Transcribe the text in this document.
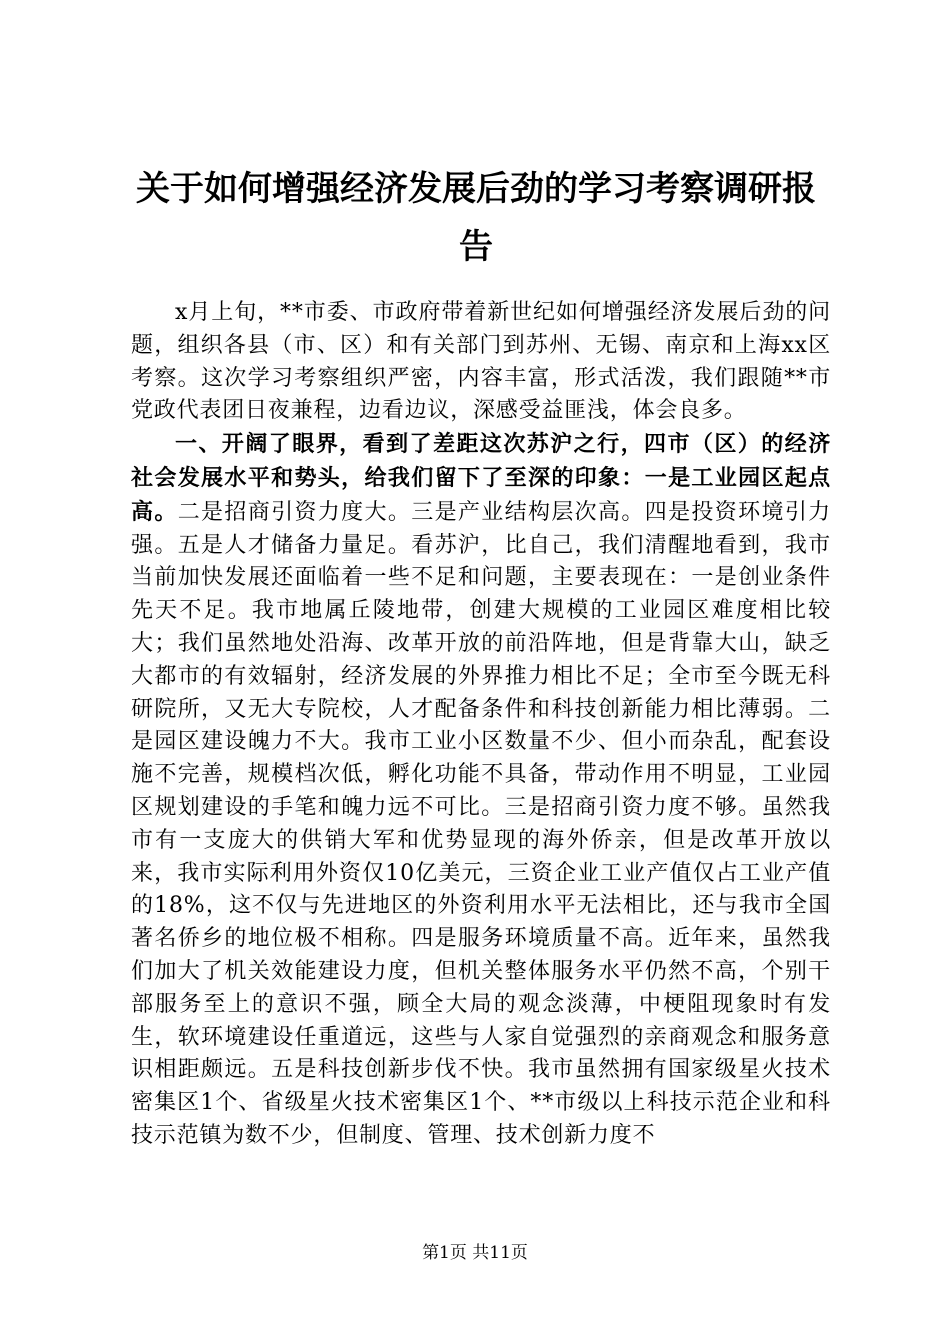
关于如何增强经济发展后劲的学习考察调研报告

x月上旬，**市委、市政府带着新世纪如何增强经济发展后劲的问题，组织各县（市、区）和有关部门到苏州、无锡、南京和上海xx区考察。这次学习考察组织严密，内容丰富，形式活泼，我们跟随**市党政代表团日夜兼程，边看边议，深感受益匪浅，体会良多。

一、开阔了眼界，看到了差距这次苏沪之行，四市（区）的经济社会发展水平和势头，给我们留下了至深的印象：一是工业园区起点高。二是招商引资力度大。三是产业结构层次高。四是投资环境引力强。五是人才储备力量足。看苏沪，比自己，我们清醒地看到，我市当前加快发展还面临着一些不足和问题，主要表现在：一是创业条件先天不足。我市地属丘陵地带，创建大规模的工业园区难度相比较大；我们虽然地处沿海、改革开放的前沿阵地，但是背靠大山，缺乏大都市的有效辐射，经济发展的外界推力相比不足；全市至今既无科研院所，又无大专院校，人才配备条件和科技创新能力相比薄弱。二是园区建设魄力不大。我市工业小区数量不少、但小而杂乱，配套设施不完善，规模档次低，孵化功能不具备，带动作用不明显，工业园区规划建设的手笔和魄力远不可比。三是招商引资力度不够。虽然我市有一支庞大的供销大军和优势显现的海外侨亲，但是改革开放以来，我市实际利用外资仅10亿美元，三资企业工业产值仅占工业产值的18%，这不仅与先进地区的外资利用水平无法相比，还与我市全国著名侨乡的地位极不相称。四是服务环境质量不高。近年来，虽然我们加大了机关效能建设力度，但机关整体服务水平仍然不高，个别干部服务至上的意识不强，顾全大局的观念淡薄，中梗阻现象时有发生，软环境建设任重道远，这些与人家自觉强烈的亲商观念和服务意识相距颇远。五是科技创新步伐不快。我市虽然拥有国家级星火技术密集区1个、省级星火技术密集区1个、**市级以上科技示范企业和科技示范镇为数不少，但制度、管理、技术创新力度不

第1页 共11页
